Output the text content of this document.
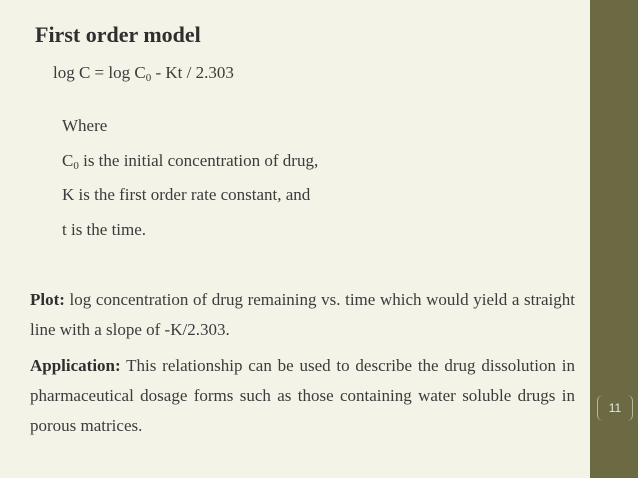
First order model
$\log C = \log C_0 - Kt / 2.303$
Where
$C_0$ is the initial concentration of drug,
K is the first order rate constant, and
t is the time.
Plot: log concentration of drug remaining vs. time which would yield a straight line with a slope of -K/2.303.
Application: This relationship can be used to describe the drug dissolution in pharmaceutical dosage forms such as those containing water soluble drugs in porous matrices.
11
